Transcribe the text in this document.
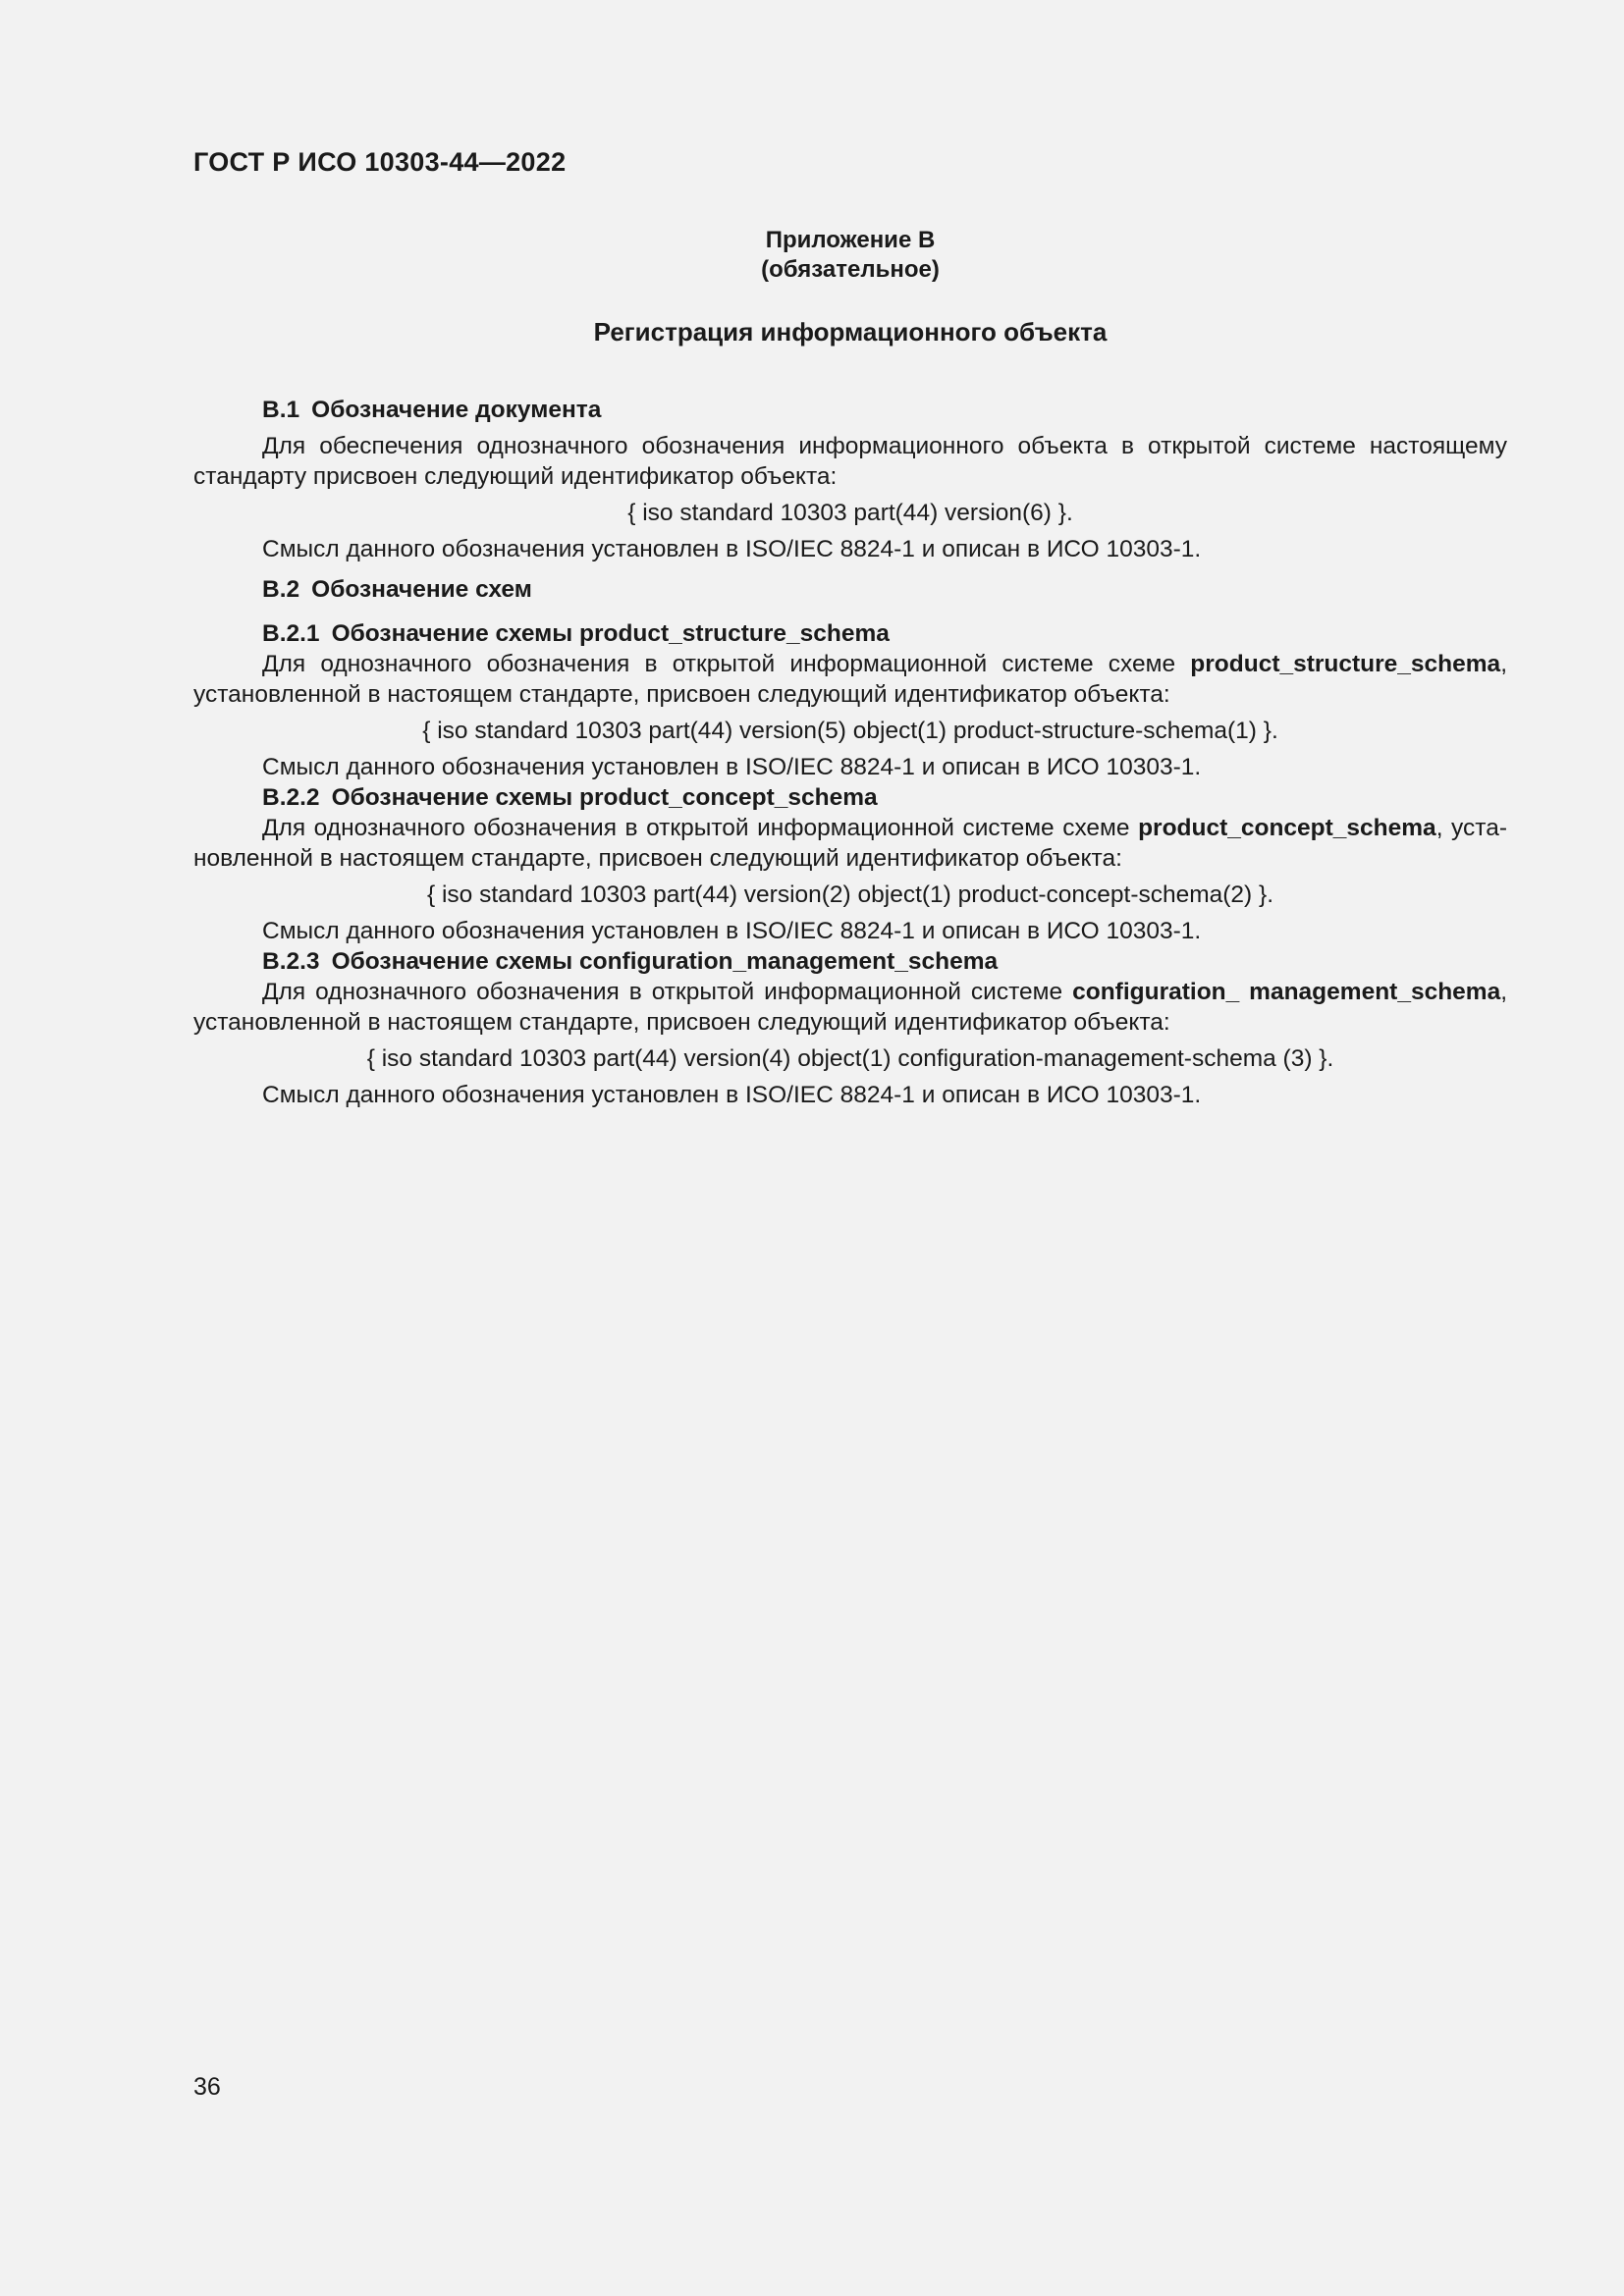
ГОСТ Р ИСО 10303-44—2022
Приложение В
(обязательное)
Регистрация информационного объекта
В.1 Обозначение документа
Для обеспечения однозначного обозначения информационного объекта в открытой системе настоящему стандарту присвоен следующий идентификатор объекта:
{ iso standard 10303 part(44) version(6) }.
Смысл данного обозначения установлен в ISO/IEC 8824-1 и описан в ИСО 10303-1.
В.2 Обозначение схем
В.2.1 Обозначение схемы product_structure_schema
Для однозначного обозначения в открытой информационной системе схеме product_structure_schema, установленной в настоящем стандарте, присвоен следующий идентификатор объекта:
{ iso standard 10303 part(44) version(5) object(1) product-structure-schema(1) }.
Смысл данного обозначения установлен в ISO/IEC 8824-1 и описан в ИСО 10303-1.
В.2.2 Обозначение схемы product_concept_schema
Для однозначного обозначения в открытой информационной системе схеме product_concept_schema, установленной в настоящем стандарте, присвоен следующий идентификатор объекта:
{ iso standard 10303 part(44) version(2) object(1) product-concept-schema(2) }.
Смысл данного обозначения установлен в ISO/IEC 8824-1 и описан в ИСО 10303-1.
В.2.3 Обозначение схемы configuration_management_schema
Для однозначного обозначения в открытой информационной системе configuration_ management_schema, установленной в настоящем стандарте, присвоен следующий идентификатор объекта:
{ iso standard 10303 part(44) version(4) object(1) configuration-management-schema (3) }.
Смысл данного обозначения установлен в ISO/IEC 8824-1 и описан в ИСО 10303-1.
36
